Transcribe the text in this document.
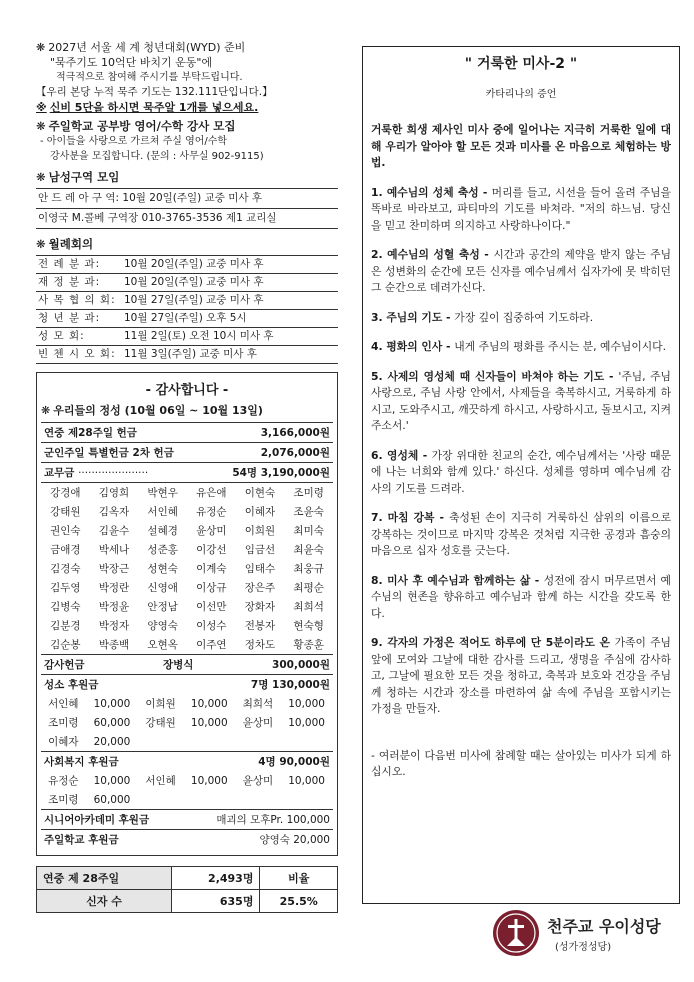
❋ 2027년 서울 세 계 청년대회(WYD) 준비
"묵주기도 10억단 바치기 운동"에
적극적으로 참여해 주시기를 부탁드립니다.
【우리 본당 누적 묵주 기도는 132.111단입니다.】
※ 신비 5단을 하시면 묵주알 1개를 넣으세요.
❋ 주일학교 공부방 영어/수학 강사 모집
- 아이들을 사랑으로 가르쳐 주실 영어/수학
강사분을 모집합니다. (문의 : 사무실 902-9115)
❋ 남성구역 모임
안 드 레 아 구 역: 10월 20일(주일) 교중 미사 후
이영국 M.콜베 구역장 010-3765-3536 제1 교리실
❋ 월례회의
전 례 분 과:	10월 20일(주일) 교중 미사 후
재 정 분 과:	10월 20일(주일) 교중 미사 후
사 목 협 의 회:	10월 27일(주일) 교중 미사 후
청 년 분 과:	10월 27일(주일) 오후 5시
성 모 회:	11월 2일(토) 오전 10시 미사 후
빈 첸 시 오 회:	11월 3일(주일) 교중 미사 후
- 감사합니다 -
❋ 우리들의 정성 (10월 06일 ~ 10월 13일)
연중 제28주일 헌금	3,166,000원
군인주일 특별헌금 2차 헌금	2,076,000원
교무금 ·····················	54명 3,190,000원
강경애	김영희	박현우	유은애	이현숙	조미령
강태원	김옥자	서인혜	유정순	이혜자	조윤숙
권인숙	김윤수	설혜경	윤상미	이희원	최미숙
금애경	박세나	성준홍	이강선	임금선	최윤숙
김경숙	박장근	성현숙	이계숙	임태수	최웅규
김두영	박정란	신영애	이상규	장은주	최평순
김병숙	박정윤	안정남	이선만	장화자	최희석
김분경	박정자	양영숙	이성수	전봉자	현숙형
김순봉	박종백	오현옥	이주연	정차도	황종훈
감사헌금	장병식	300,000원
성소 후원금		7명 130,000원
서인혜	10,000	이희원	10,000	최희석	10,000
조미령	60,000	강태원	10,000	윤상미	10,000
이혜자	20,000				
사회복지 후원금	4명 90,000원
유정순	10,000	서인혜	10,000	윤상미	10,000
조미령	60,000				
시니어아카데미 후원금	매괴의 모후Pr. 100,000
주일학교 후원금	양영숙 20,000
연중 제 28주일	2,493명	비율
신자 수	635명	25.5%
" 거룩한 미사-2 "
카타리나의 증언

거룩한 희생 제사인 미사 중에 일어나는 지극히 거룩한 일에 대해 우리가 알아야 할 모든 것과 미사를 온 마음으로 체험하는 방법.

1. 예수님의 성체 축성 - 머리를 들고, 시선을 들어 올려 주님을 똑바로 바라보고, 파티마의 기도를 바쳐라. "저의 하느님. 당신을 믿고 찬미하며 의지하고 사랑하나이다."

2. 예수님의 성혈 축성 - 시간과 공간의 제약을 받지 않는 주님은 성변화의 순간에 모든 신자를 예수님께서 십자가에 못 박히던 그 순간으로 데려가신다.

3. 주님의 기도 - 가장 깊이 집중하여 기도하라.

4. 평화의 인사 - 내게 주님의 평화를 주시는 분, 예수님이시다.

5. 사제의 영성체 때 신자들이 바쳐야 하는 기도 - '주님, 주님 사랑으로, 주님 사랑 안에서, 사제들을 축복하시고, 거룩하게 하시고, 도와주시고, 깨끗하게 하시고, 사랑하시고, 돌보시고, 지켜주소서.'

6. 영성체 - 가장 위대한 친교의 순간, 예수님께서는 '사랑 때문에 나는 너희와 함께 있다.' 하신다. 성체를 영하며 예수님께 감사의 기도를 드려라.

7. 마침 강복 - 축성된 손이 지극히 거룩하신 삼위의 이름으로 강복하는 것이므로 마지막 강복은 것처럼 지극한 공경과 흠숭의 마음으로 십자 성호를 긋는다.

8. 미사 후 예수님과 함께하는 삶 - 성전에 잠시 머무르면서 예수님의 현존을 향유하고 예수님과 함께 하는 시간을 갖도록 한다.

9. 각자의 가정은 적어도 하루에 단 5분이라도 온 가족이 주님 앞에 모여와 그날에 대한 감사를 드리고, 생명을 주심에 감사하고, 그날에 필요한 모든 것을 청하고, 축복과 보호와 건강을 주님께 청하는 시간과 장소를 마련하여 삶 속에 주님을 포함시키는 가정을 만들자.

- 여러분이 다음번 미사에 참례할 때는 살아있는 미사가 되게 하십시오.

천주교 우이성당
(성가정성당)
